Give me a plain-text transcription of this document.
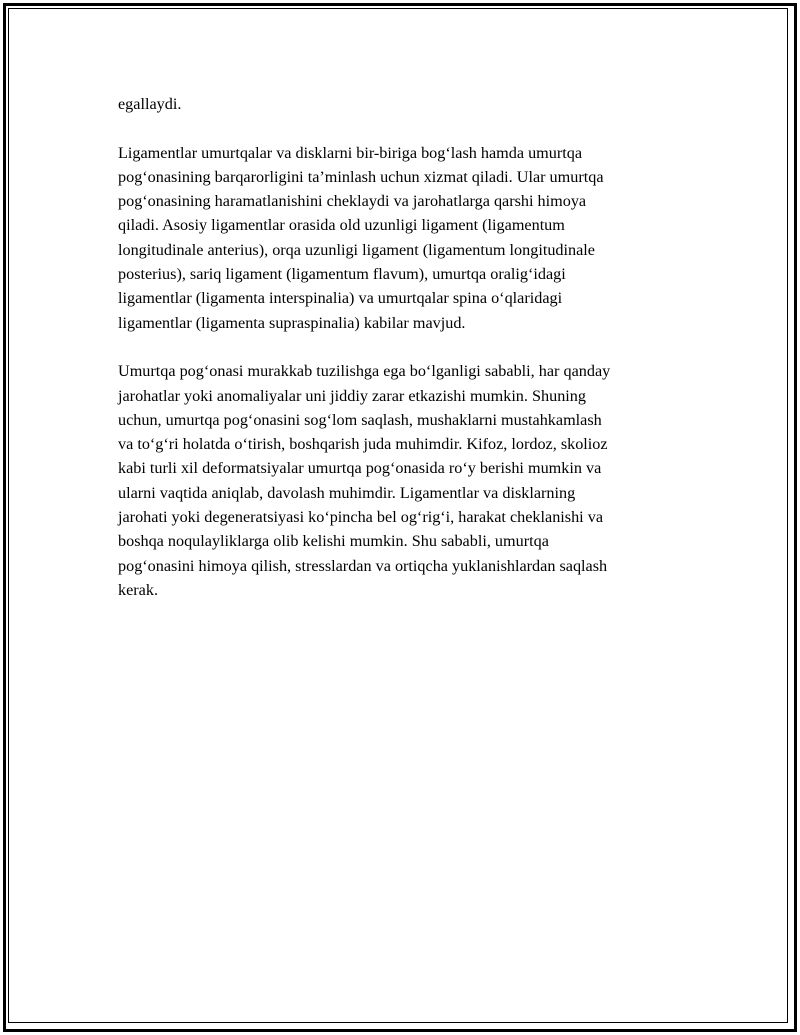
egallaydi.
Ligamentlar umurtqalar va disklarni bir-biriga bog‘lash hamda umurtqa
pog‘onasining barqarorligini ta’minlash uchun xizmat qiladi. Ular umurtqa
pog‘onasining haramatlanishini cheklaydi va jarohatlarga qarshi himoya
qiladi. Asosiy ligamentlar orasida old uzunligi ligament (ligamentum
longitudinale anterius), orqa uzunligi ligament (ligamentum longitudinale
posterius), sariq ligament (ligamentum flavum), umurtqa oralig‘idagi
ligamentlar (ligamenta interspinalia) va umurtqalar spina o‘qlaridagi
ligamentlar (ligamenta supraspinalia) kabilar mavjud.
Umurtqa pog‘onasi murakkab tuzilishga ega bo‘lganligi sababli, har qanday
jarohatlar yoki anomaliyalar uni jiddiy zarar etkazishi mumkin. Shuning
uchun, umurtqa pog‘onasini sog‘lom saqlash, mushaklarni mustahkamlash
va to‘g‘ri holatda o‘tirish, boshqarish juda muhimdir. Kifoz, lordoz, skolioz
kabi turli xil deformatsiyalar umurtqa pog‘onasida ro‘y berishi mumkin va
ularni vaqtida aniqlab, davolash muhimdir. Ligamentlar va disklarning
jarohati yoki degeneratsiyasi ko‘pincha bel og‘rig‘i, harakat cheklanishi va
boshqa noqulayliklarga olib kelishi mumkin. Shu sababli, umurtqa
pog‘onasini himoya qilish, stresslardan va ortiqcha yuklanishlardan saqlash
kerak.
